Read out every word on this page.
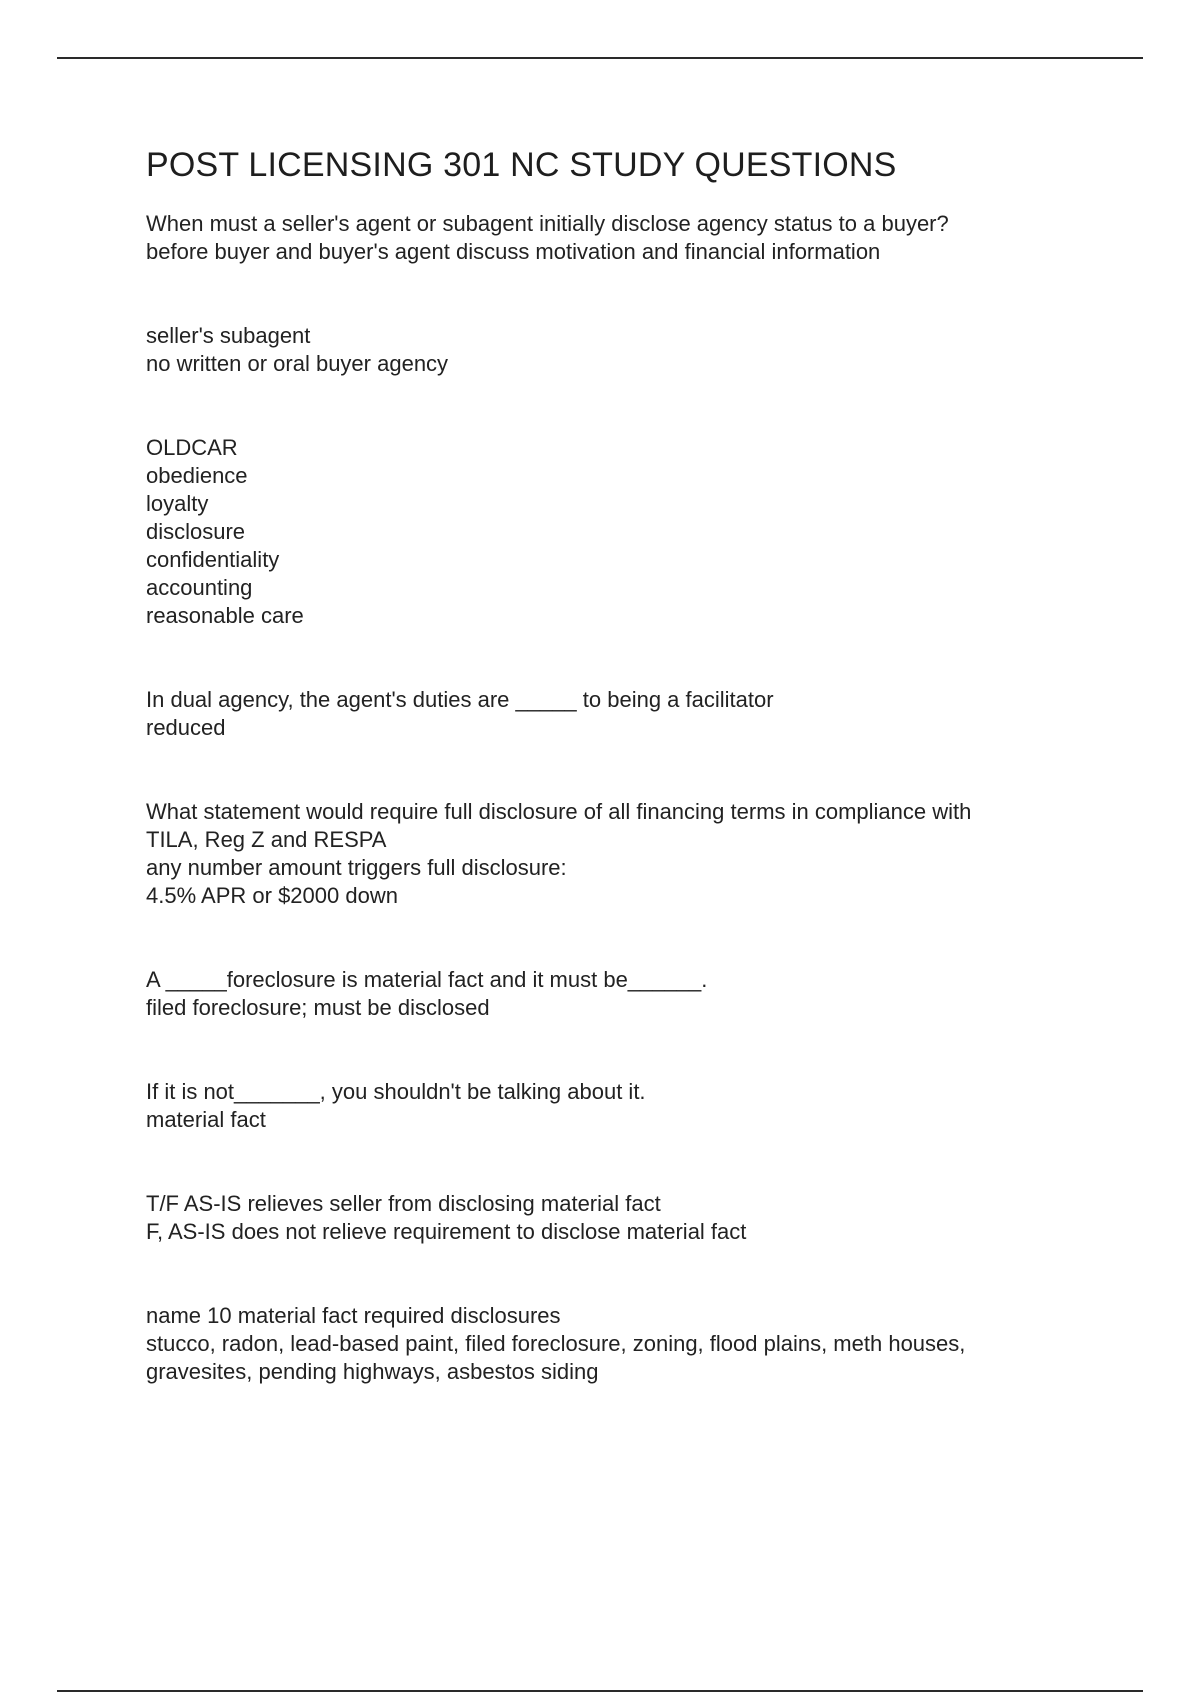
POST LICENSING 301 NC STUDY QUESTIONS
When must a seller's agent or subagent initially disclose agency status to a buyer?
before buyer and buyer's agent discuss motivation and financial information
seller's subagent
no written or oral buyer agency
OLDCAR
obedience
loyalty
disclosure
confidentiality
accounting
reasonable care
In dual agency, the agent's duties are _____ to being a facilitator
reduced
What statement would require full disclosure of all financing terms in compliance with
TILA, Reg Z and RESPA
any number amount triggers full disclosure:
4.5% APR or $2000 down
A _____foreclosure is material fact and it must be______.
filed foreclosure; must be disclosed
If it is not_______, you shouldn't be talking about it.
material fact
T/F AS-IS relieves seller from disclosing material fact
F, AS-IS does not relieve requirement to disclose material fact
name 10 material fact required disclosures
stucco, radon, lead-based paint, filed foreclosure, zoning, flood plains, meth houses,
gravesites, pending highways, asbestos siding
